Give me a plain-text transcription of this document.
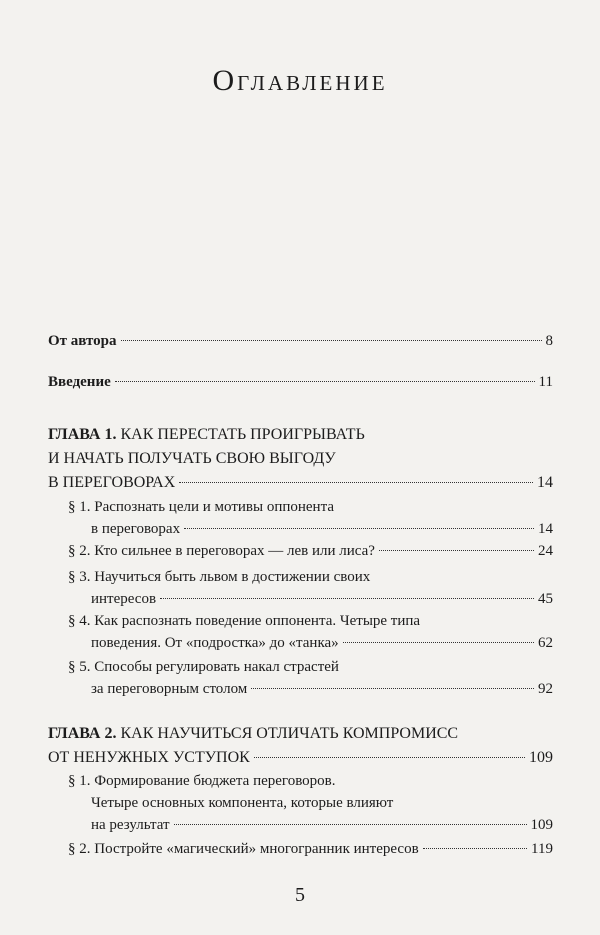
Оглавление
От автора	8
Введение	11
ГЛАВА 1. КАК ПЕРЕСТАТЬ ПРОИГРЫВАТЬ
И НАЧАТЬ ПОЛУЧАТЬ СВОЮ ВЫГОДУ
В ПЕРЕГОВОРАХ	14
§ 1. Распознать цели и мотивы оппонента
в переговорах	14
§ 2. Кто сильнее в переговорах — лев или лиса?	24
§ 3. Научиться быть львом в достижении своих
интересов	45
§ 4. Как распознать поведение оппонента. Четыре типа
поведения. От «подростка» до «танка»	62
§ 5. Способы регулировать накал страстей
за переговорным столом	92
ГЛАВА 2. КАК НАУЧИТЬСЯ ОТЛИЧАТЬ КОМПРОМИСС
ОТ НЕНУЖНЫХ УСТУПОК	109
§ 1. Формирование бюджета переговоров.
Четыре основных компонента, которые влияют
на результат	109
§ 2. Постройте «магический» многогранник интересов	119
5
